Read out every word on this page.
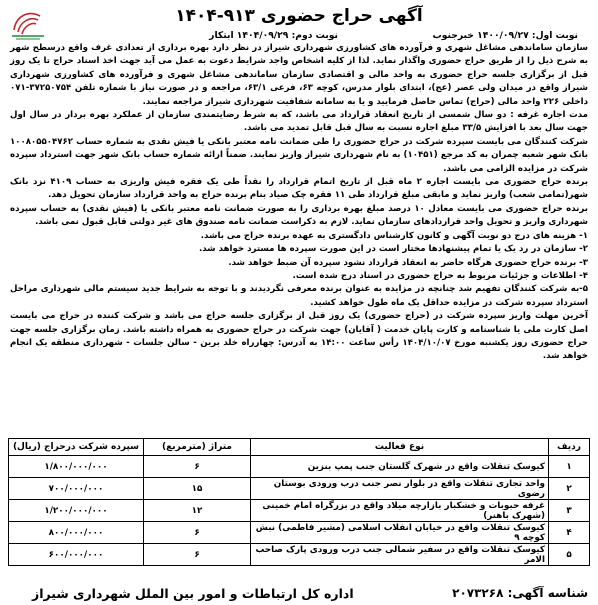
آگهی حراج حضوری ۹۱۳-۱۴۰۴
نوبت اول: ۱۴۰۰/۰۹/۲۷ خبرجنوب
نوبت دوم: ۱۴۰۴/۰۹/۲۹ ابتکار

سازمان ساماندهی مشاغل شهری و فرآورده های کشاورزی شهرداری شیراز در نظر دارد بهره برداری از تعدادی غرف واقع درسطح شهر به شرح ذیل را از طریق حراج حضوری واگذار نماید. لذا از کلیه اشخاص واجد شرایط دعوت به عمل می آید جهت اخذ اسناد حراج تا یک روز قبل از برگزاری جلسه حراج حضوری به واحد مالی و اقتصادی سازمان ساماندهی مشاغل شهری و فرآورده های کشاورزی شهرداری شیراز واقع در میدان ولی عصر (عج)، ابتدای بلوار مدرس، کوچه ۶۳، فرعی ۶۳/۱، مراجعه و در صورت نیاز با شماره تلفن ۳۷۲۵۰۷۵۴-۰۷۱ داخلی ۲۲۶ واحد مالی (حراج) تماس حاصل فرمایید و یا به سامانه شفافیت شهرداری شیراز مراجعه نمایند.

مدت اجاره غرفه : دو سال شمسی از تاریخ انعقاد قرارداد می باشد، که به شرط رضایتمندی سازمان از عملکرد بهره بردار در سال اول جهت سال بعد با افزایش ۳۳/۵ مبلغ اجاره نسبت به سال قبل قابل تمدید می باشد.

شرکت کنندگان می بایست سپرده شرکت در حراج حضوری را طی ضمانت نامه معتبر بانکی یا فیش نقدی به شماره حساب ۱۰۰۸۰۵۵۰۴۷۶۲ بانک شهر شعبه چمران به کد مرجع (۱۰۴۵۱) به نام شهرداری شیراز واریز نمایند. ضمناً ارائه شماره حساب بانک شهر جهت استرداد سپرده شرکت در مزایده الزامی می باشد.

برنده حراج حضوری می بایست اجاره ۲ ماه قبل از تاریخ اتمام قرارداد را نقداً طی یک فقره فیش واریزی به حساب ۴۱۰۹ نزد بانک شهر(تمامی شعب) واریز نماید و مابقی مبلغ قرارداد طی ۱۱ فقره چک صیاد بنام برنده حراج به واحد قرارداد سازمان تحویل دهد.

برنده حراج حضوری می بایست معادل ۱۰ درصد مبلغ بهره برداری را به صورت ضمانت نامه معتبر بانکی یا (فیش نقدی) به حساب سپرده شهرداری واریز و تحویل واحد قراردادهای سازمان نماید. لازم به ذکراست ضمانت نامه صندوق های غیر دولتی قابل قبول نمی باشد.

۱- هزینه های درج دو نوبت آگهی و کانون کارشناس دادگستری به عهده برنده حراج می باشد.

۲- سازمان در رد یک یا تمام پیشنهادها مختار است در این صورت سپرده ها مسترد خواهد شد.

۳- برنده حراج حضوری هرگاه حاضر به انعقاد قرارداد نشود سپرده آن ضبط خواهد شد.

۴- اطلاعات و جزئیات مربوط به حراج حضوری در اسناد درج شده است.

۵-به شرکت کنندگان تفهیم شد چنانچه در مزایده به عنوان برنده معرفی نگردیدند و با توجه به شرایط جدید سیستم مالی شهرداری مراحل استرداد سپرده شرکت در مزایده حداقل یک ماه طول خواهد کشید.

آخرین مهلت واریز سپرده شرکت در (حراج حضوری) یک روز قبل از برگزاری جلسه حراج می باشد و شرکت کننده در حراج می بایست اصل کارت ملی یا شناسنامه و کارت پایان خدمت ( آقایان) جهت شرکت در حراج حضوری به همراه داشته باشد. زمان برگزاری جلسه جهت حراج حضوری روز یکشنبه مورخ ۱۴۰۴/۱۰/۰۷ رأس ساعت ۱۴:۰۰ به آدرس: چهارراه خلد برین - سالن جلسات - شهرداری منطقه یک انجام خواهد شد.

ردیف	نوع فعالیت	متراژ (مترمربع)	سپرده شرکت درحراج (ریال)
۱	کیوسک تنقلات واقع در شهرک گلستان جنب پمپ بنزین	۶	۱/۸۰۰/۰۰۰/۰۰۰
۲	واحد تجاری تنقلات واقع در بلوار نصر جنب درب ورودی بوستان رضوی	۱۵	۷۰۰/۰۰۰/۰۰۰
۳	غرفه حبوبات و خشکبار بازارچه میلاد واقع در بزرگراه امام خمینی (شهرک باهنر)	۱۲	۱/۲۰۰/۰۰۰/۰۰۰
۴	کیوسک تنقلات واقع در خیابان انقلاب اسلامی (مشیر فاطمی) نبش کوچه ۹	۶	۸۰۰/۰۰۰/۰۰۰
۵	کیوسک تنقلات واقع در سفیر شمالی جنب درب ورودی پارک صاحب الامر	۶	۶۰۰/۰۰۰/۰۰۰
شناسه آگهی: ۲۰۷۳۲۶۸
اداره کل ارتباطات و امور بین الملل شهرداری شیراز
